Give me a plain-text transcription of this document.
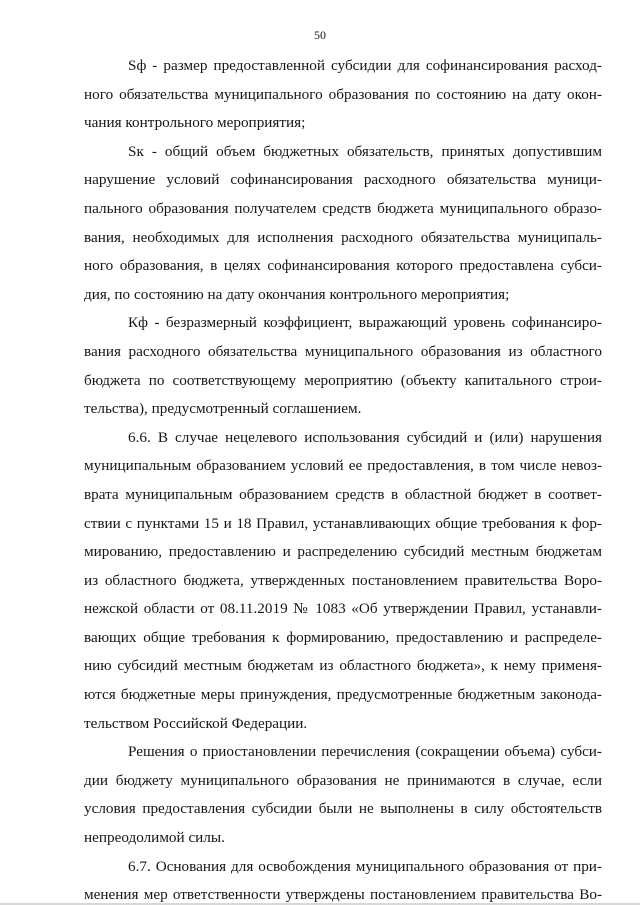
50
Sф - размер предоставленной субсидии для софинансирования расход-
ного обязательства муниципального образования по состоянию на дату окон-
чания контрольного мероприятия;
Sк - общий объем бюджетных обязательств, принятых допустившим
нарушение условий софинансирования расходного обязательства муници-
пального образования получателем средств бюджета муниципального образо-
вания, необходимых для исполнения расходного обязательства муниципаль-
ного образования, в целях софинансирования которого предоставлена субси-
дия, по состоянию на дату окончания контрольного мероприятия;
Кф - безразмерный коэффициент, выражающий уровень софинансиро-
вания расходного обязательства муниципального образования из областного
бюджета по соответствующему мероприятию (объекту капитального строи-
тельства), предусмотренный соглашением.
6.6. В случае нецелевого использования субсидий и (или) нарушения
муниципальным образованием условий ее предоставления, в том числе невоз-
врата муниципальным образованием средств в областной бюджет в соответ-
ствии с пунктами 15 и 18 Правил, устанавливающих общие требования к фор-
мированию, предоставлению и распределению субсидий местным бюджетам
из областного бюджета, утвержденных постановлением правительства Воро-
нежской области от 08.11.2019 № 1083 «Об утверждении Правил, устанавли-
вающих общие требования к формированию, предоставлению и распределе-
нию субсидий местным бюджетам из областного бюджета», к нему применя-
ются бюджетные меры принуждения, предусмотренные бюджетным законода-
тельством Российской Федерации.
Решения о приостановлении перечисления (сокращении объема) субси-
дии бюджету муниципального образования не принимаются в случае, если
условия предоставления субсидии были не выполнены в силу обстоятельств
непреодолимой силы.
6.7. Основания для освобождения муниципального образования от при-
менения мер ответственности утверждены постановлением правительства Во-
